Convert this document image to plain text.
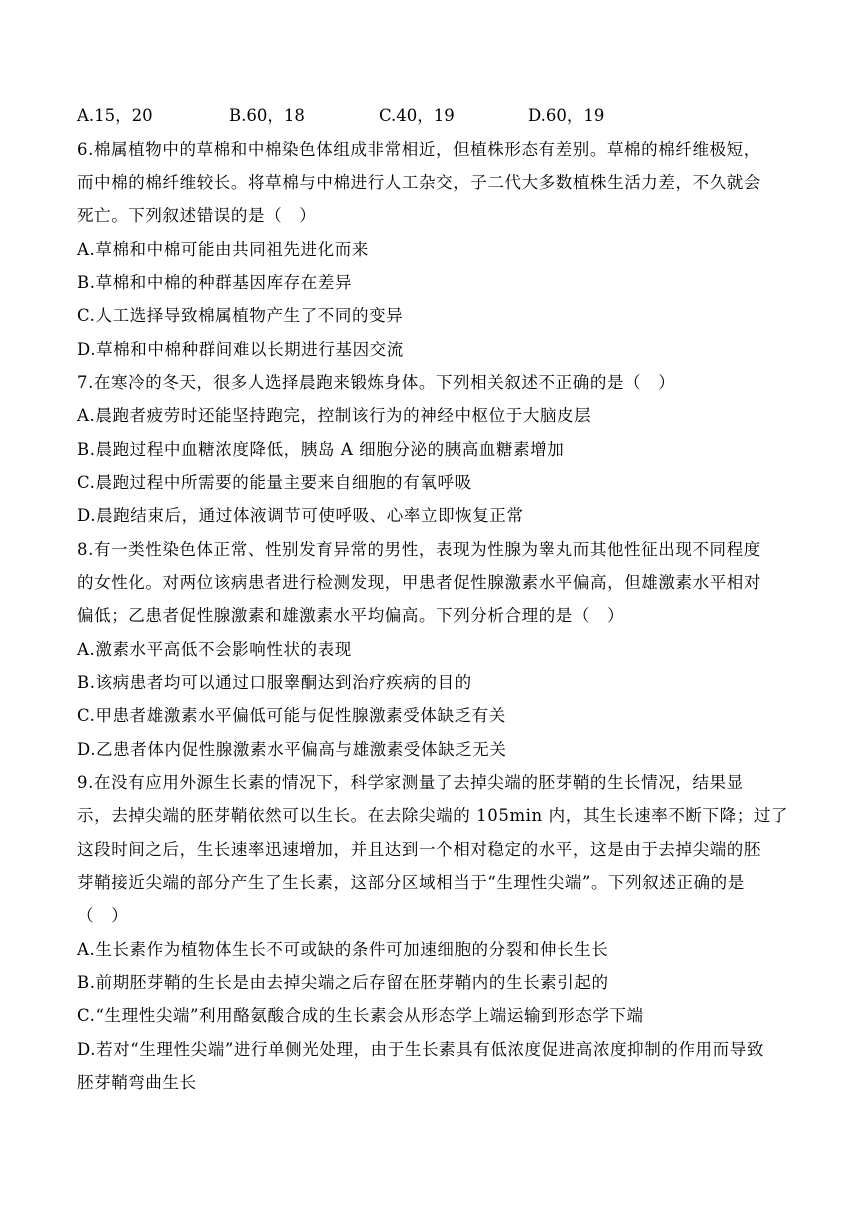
A.15，20	B.60，18	C.40，19	D.60，19
6.棉属植物中的草棉和中棉染色体组成非常相近，但植株形态有差别。草棉的棉纤维极短，
而中棉的棉纤维较长。将草棉与中棉进行人工杂交，子二代大多数植株生活力差，不久就会
死亡。下列叙述错误的是（　）
A.草棉和中棉可能由共同祖先进化而来
B.草棉和中棉的种群基因库存在差异
C.人工选择导致棉属植物产生了不同的变异
D.草棉和中棉种群间难以长期进行基因交流
7.在寒冷的冬天，很多人选择晨跑来锻炼身体。下列相关叙述不正确的是（　）
A.晨跑者疲劳时还能坚持跑完，控制该行为的神经中枢位于大脑皮层
B.晨跑过程中血糖浓度降低，胰岛 A 细胞分泌的胰高血糖素增加
C.晨跑过程中所需要的能量主要来自细胞的有氧呼吸
D.晨跑结束后，通过体液调节可使呼吸、心率立即恢复正常
8.有一类性染色体正常、性别发育异常的男性，表现为性腺为睾丸而其他性征出现不同程度
的女性化。对两位该病患者进行检测发现，甲患者促性腺激素水平偏高，但雄激素水平相对
偏低；乙患者促性腺激素和雄激素水平均偏高。下列分析合理的是（　）
A.激素水平高低不会影响性状的表现
B.该病患者均可以通过口服睾酮达到治疗疾病的目的
C.甲患者雄激素水平偏低可能与促性腺激素受体缺乏有关
D.乙患者体内促性腺激素水平偏高与雄激素受体缺乏无关
9.在没有应用外源生长素的情况下，科学家测量了去掉尖端的胚芽鞘的生长情况，结果显
示，去掉尖端的胚芽鞘依然可以生长。在去除尖端的 105min 内，其生长速率不断下降；过了
这段时间之后，生长速率迅速增加，并且达到一个相对稳定的水平，这是由于去掉尖端的胚
芽鞘接近尖端的部分产生了生长素，这部分区域相当于“生理性尖端”。下列叙述正确的是
（　）
A.生长素作为植物体生长不可或缺的条件可加速细胞的分裂和伸长生长
B.前期胚芽鞘的生长是由去掉尖端之后存留在胚芽鞘内的生长素引起的
C.“生理性尖端”利用酪氨酸合成的生长素会从形态学上端运输到形态学下端
D.若对“生理性尖端”进行单侧光处理，由于生长素具有低浓度促进高浓度抑制的作用而导致
胚芽鞘弯曲生长
